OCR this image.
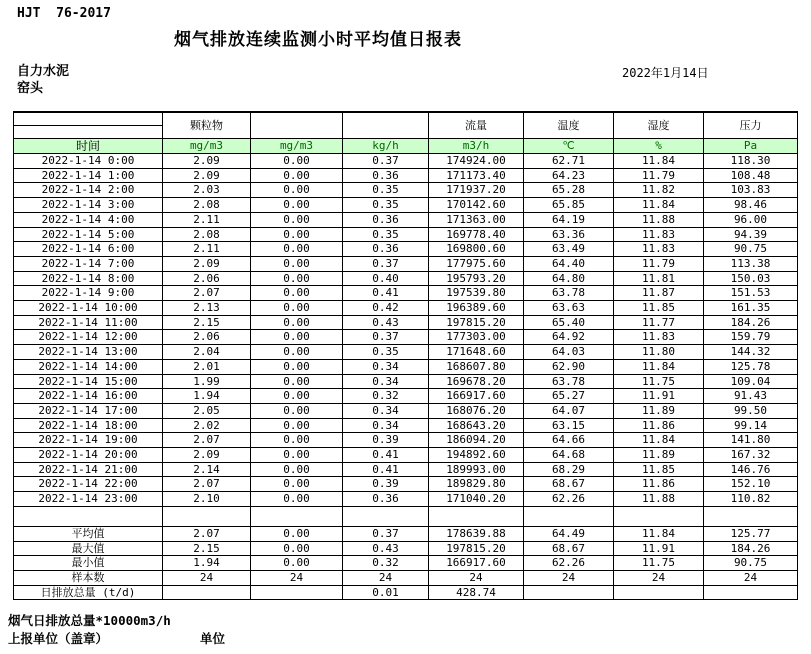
HJT  76-2017
烟气排放连续监测小时平均值日报表
自力水泥
窑头
2022年1月14日
	颗粒物			流量	温度	湿度	压力

时间	mg/m3	mg/m3	kg/h	m3/h	℃	%	Pa
2022-1-14 0:00	2.09	0.00	0.37	174924.00	62.71	11.84	118.30
2022-1-14 1:00	2.09	0.00	0.36	171173.40	64.23	11.79	108.48
2022-1-14 2:00	2.03	0.00	0.35	171937.20	65.28	11.82	103.83
2022-1-14 3:00	2.08	0.00	0.35	170142.60	65.85	11.84	98.46
2022-1-14 4:00	2.11	0.00	0.36	171363.00	64.19	11.88	96.00
2022-1-14 5:00	2.08	0.00	0.35	169778.40	63.36	11.83	94.39
2022-1-14 6:00	2.11	0.00	0.36	169800.60	63.49	11.83	90.75
2022-1-14 7:00	2.09	0.00	0.37	177975.60	64.40	11.79	113.38
2022-1-14 8:00	2.06	0.00	0.40	195793.20	64.80	11.81	150.03
2022-1-14 9:00	2.07	0.00	0.41	197539.80	63.78	11.87	151.53
2022-1-14 10:00	2.13	0.00	0.42	196389.60	63.63	11.85	161.35
2022-1-14 11:00	2.15	0.00	0.43	197815.20	65.40	11.77	184.26
2022-1-14 12:00	2.06	0.00	0.37	177303.00	64.92	11.83	159.79
2022-1-14 13:00	2.04	0.00	0.35	171648.60	64.03	11.80	144.32
2022-1-14 14:00	2.01	0.00	0.34	168607.80	62.90	11.84	125.78
2022-1-14 15:00	1.99	0.00	0.34	169678.20	63.78	11.75	109.04
2022-1-14 16:00	1.94	0.00	0.32	166917.60	65.27	11.91	91.43
2022-1-14 17:00	2.05	0.00	0.34	168076.20	64.07	11.89	99.50
2022-1-14 18:00	2.02	0.00	0.34	168643.20	63.15	11.86	99.14
2022-1-14 19:00	2.07	0.00	0.39	186094.20	64.66	11.84	141.80
2022-1-14 20:00	2.09	0.00	0.41	194892.60	64.68	11.89	167.32
2022-1-14 21:00	2.14	0.00	0.41	189993.00	68.29	11.85	146.76
2022-1-14 22:00	2.07	0.00	0.39	189829.80	68.67	11.86	152.10
2022-1-14 23:00	2.10	0.00	0.36	171040.20	62.26	11.88	110.82

平均值	2.07	0.00	0.37	178639.88	64.49	11.84	125.77
最大值	2.15	0.00	0.43	197815.20	68.67	11.91	184.26
最小值	1.94	0.00	0.32	166917.60	62.26	11.75	90.75
样本数	24	24	24	24	24	24	24
日排放总量 (t/d)			0.01	428.74			
烟气日排放总量*10000m3/h
上报单位（盖章）	单位
